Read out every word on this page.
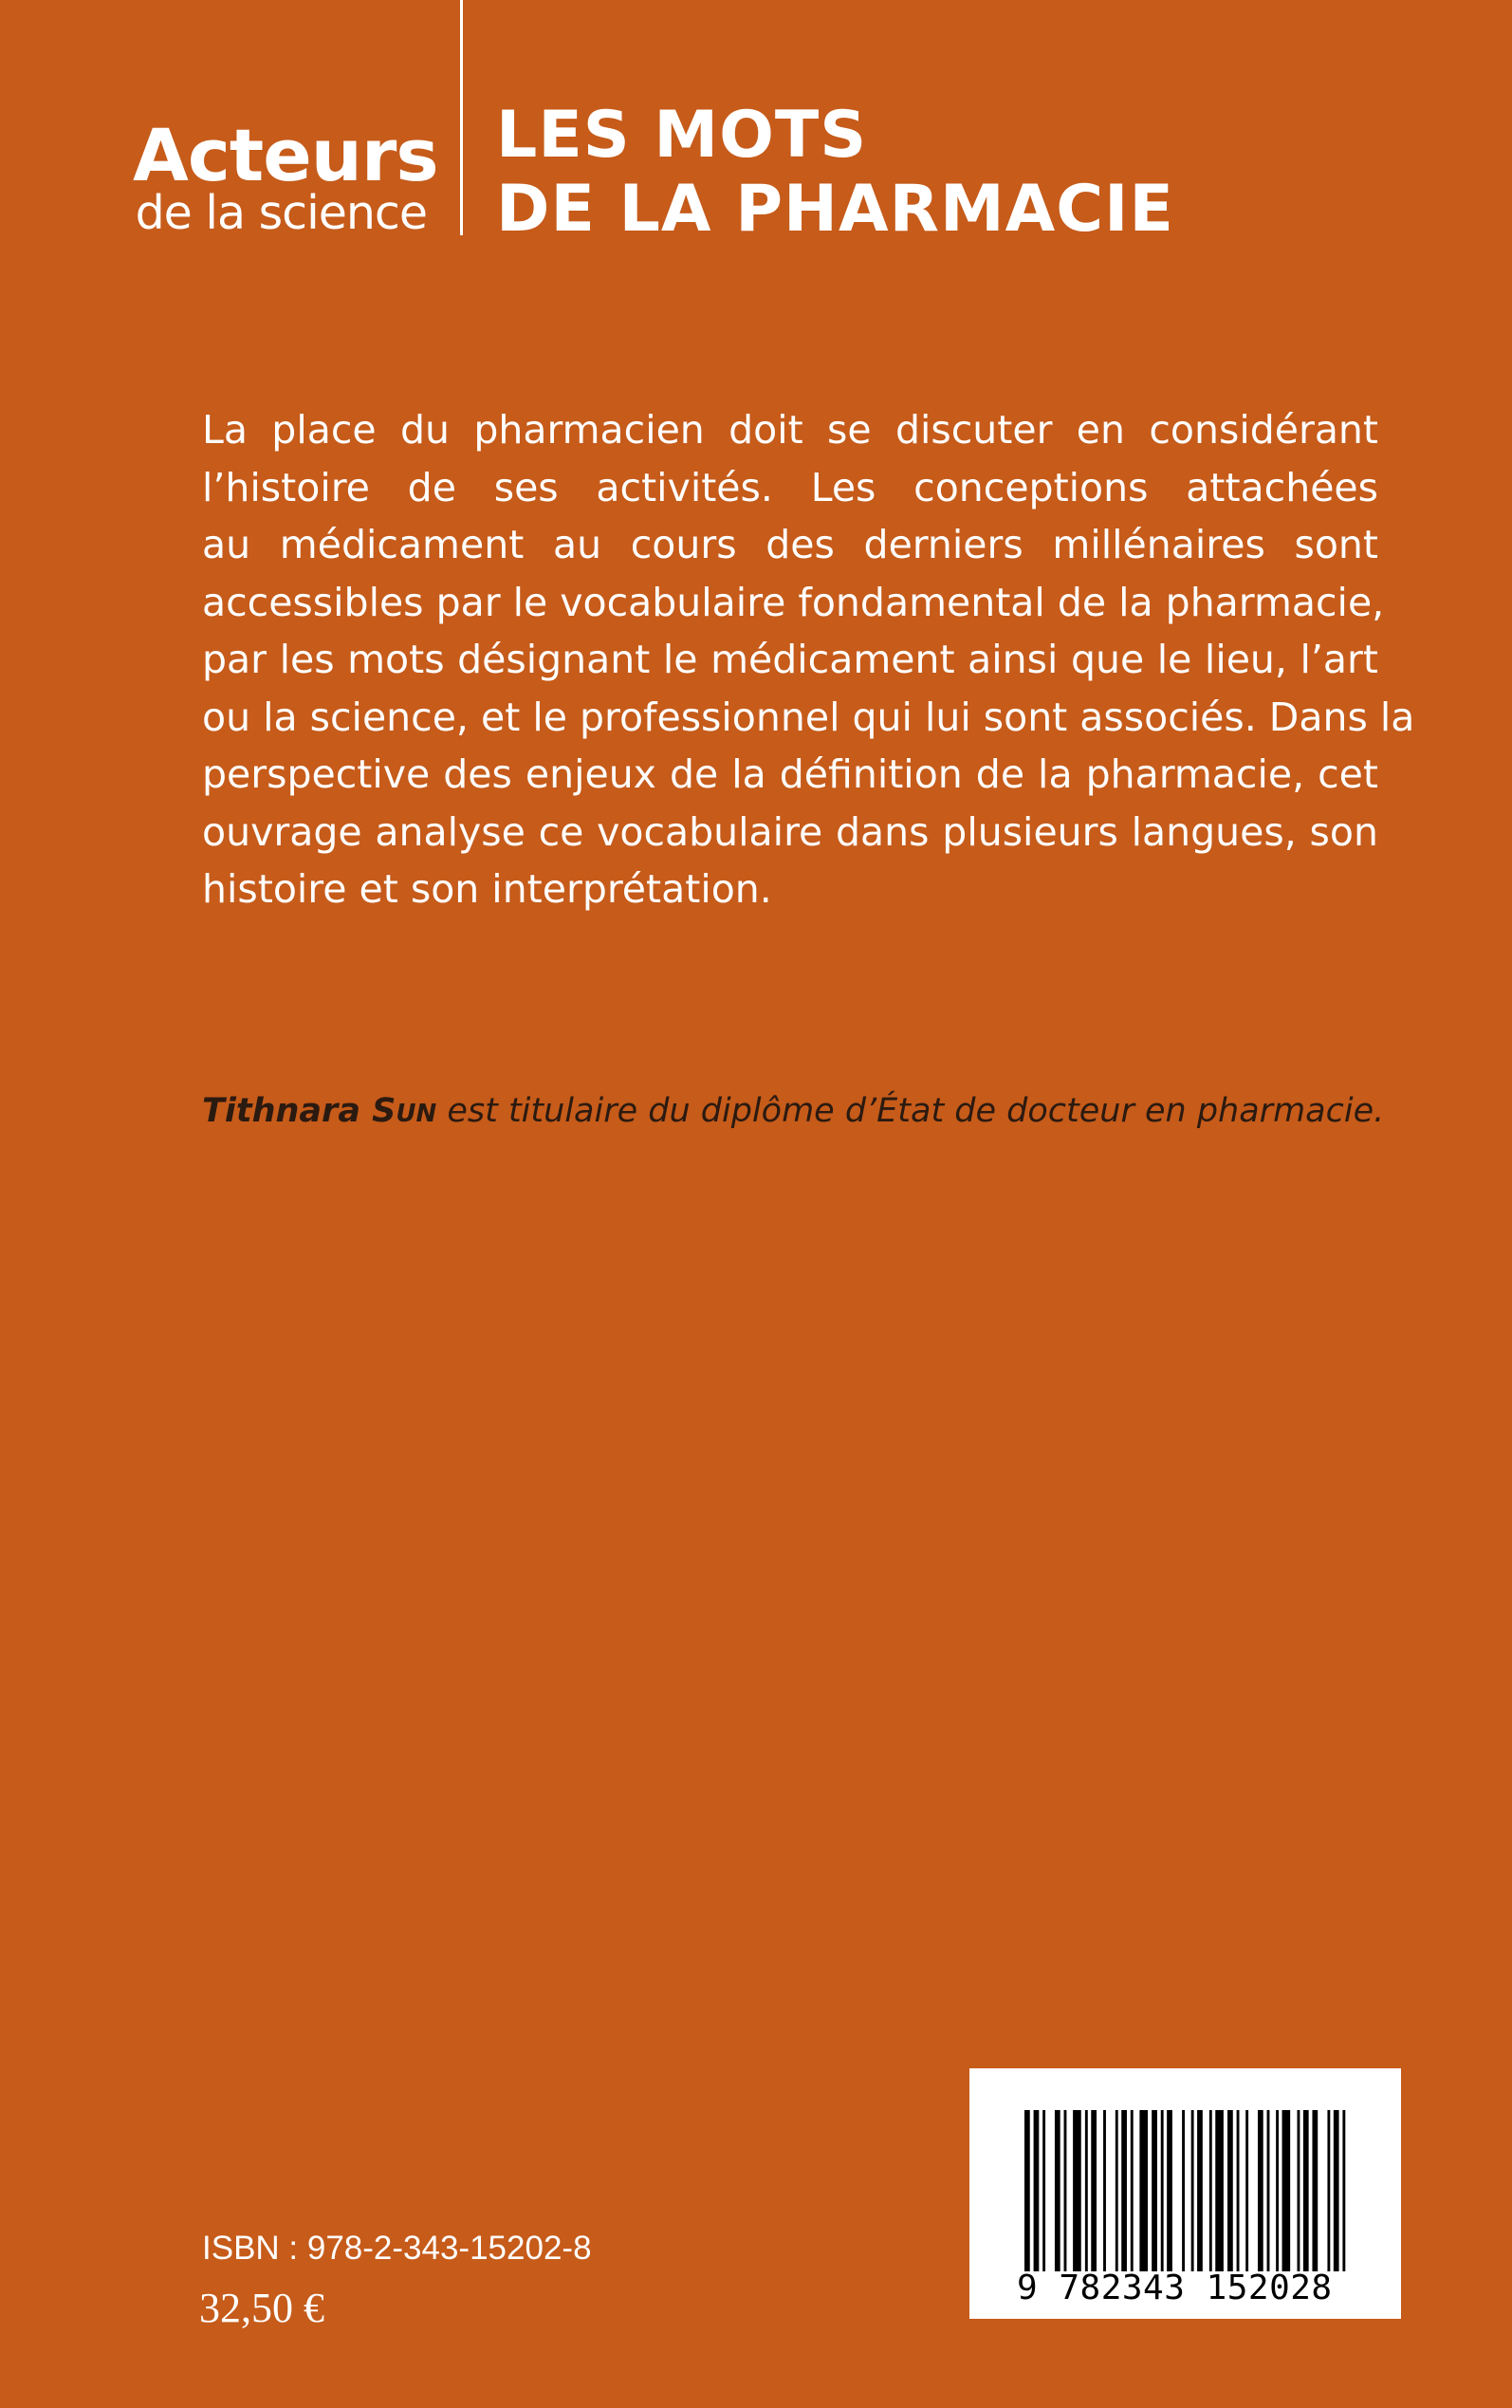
Acteurs
de la science
LES MOTS
DE LA PHARMACIE
La place du pharmacien doit se discuter en considérant
l’histoire de ses activités. Les conceptions attachées
au médicament au cours des derniers millénaires sont
accessibles par le vocabulaire fondamental de la pharmacie,
par les mots désignant le médicament ainsi que le lieu, l’art
ou la science, et le professionnel qui lui sont associés. Dans la
perspective des enjeux de la définition de la pharmacie, cet
ouvrage analyse ce vocabulaire dans plusieurs langues, son
histoire et son interprétation.
Tithnara SUN est titulaire du diplôme d’État de docteur en pharmacie.
ISBN : 978-2-343-15202-8
32,50 €	9 782343 152028
